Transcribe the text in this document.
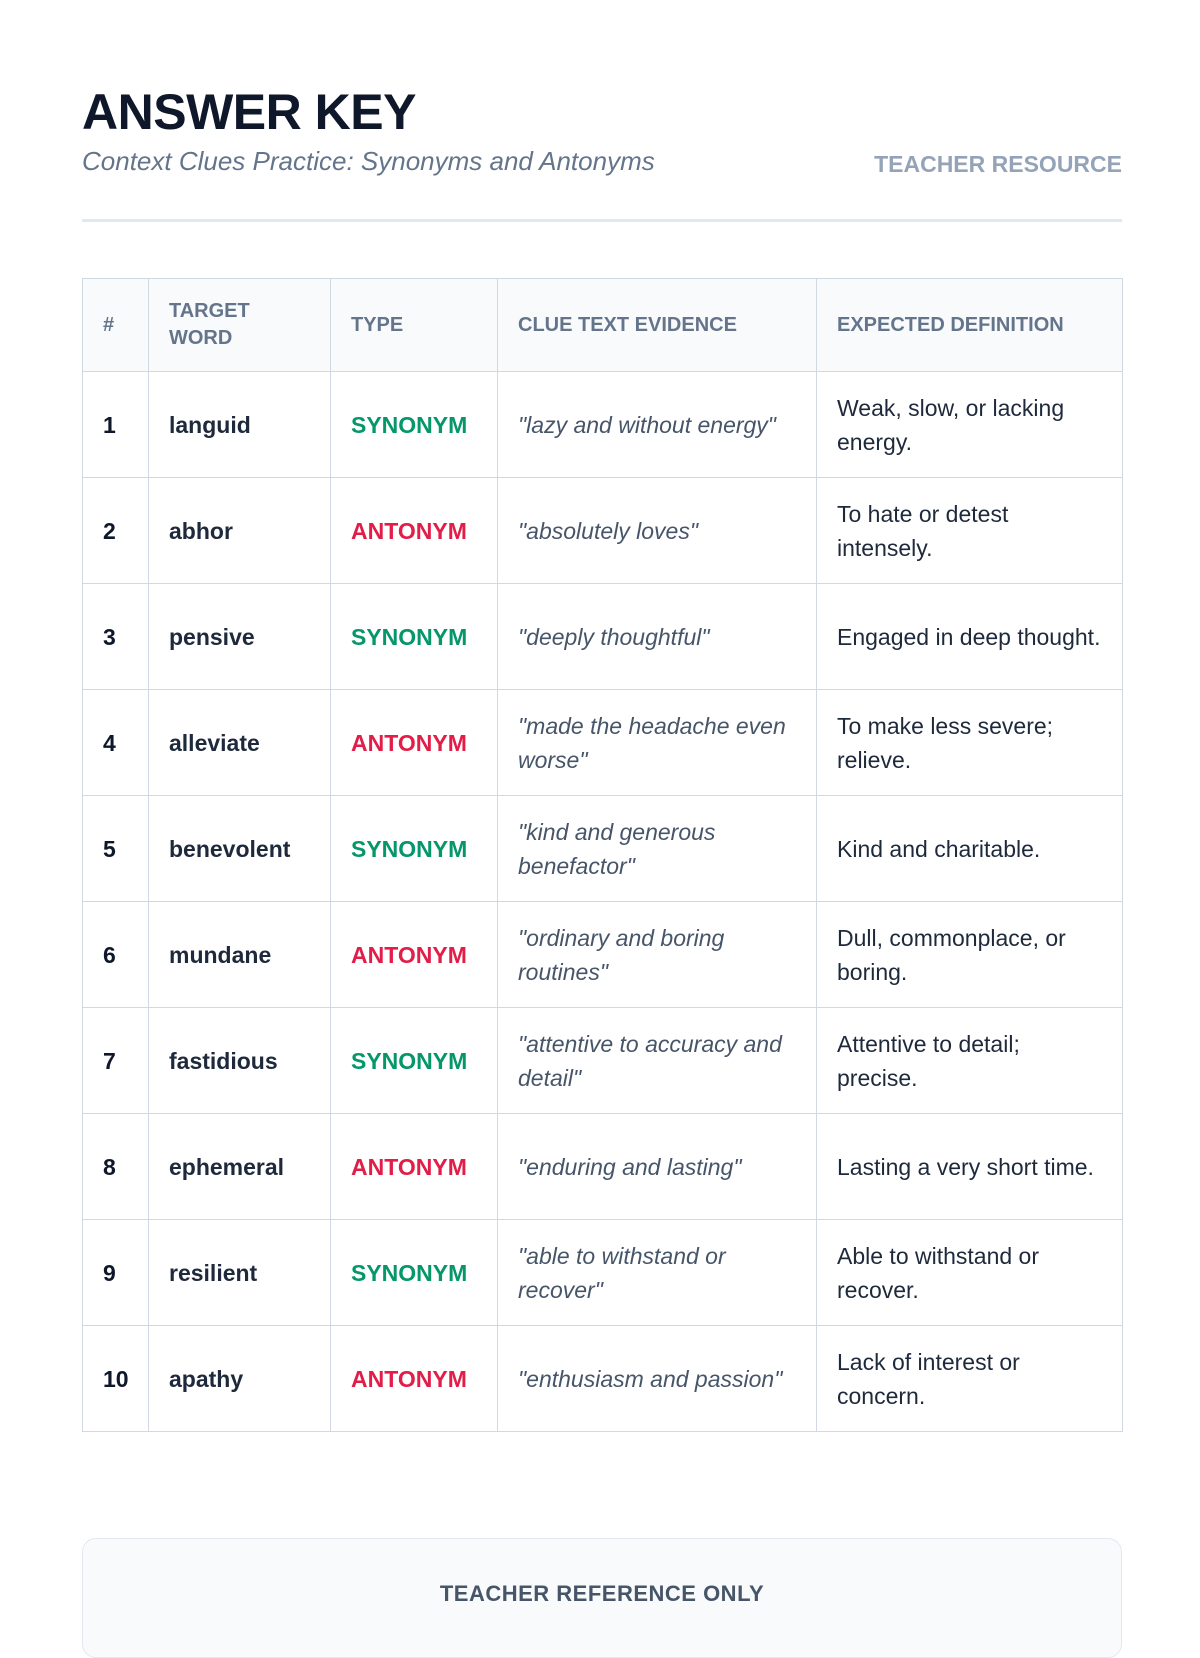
ANSWER KEY
Context Clues Practice: Synonyms and Antonyms	TEACHER RESOURCE
#	TARGET WORD	TYPE	CLUE TEXT EVIDENCE	EXPECTED DEFINITION
1	languid	SYNONYM	"lazy and without energy"	Weak, slow, or lacking energy.
2	abhor	ANTONYM	"absolutely loves"	To hate or detest intensely.
3	pensive	SYNONYM	"deeply thoughtful"	Engaged in deep thought.
4	alleviate	ANTONYM	"made the headache even worse"	To make less severe; relieve.
5	benevolent	SYNONYM	"kind and generous benefactor"	Kind and charitable.
6	mundane	ANTONYM	"ordinary and boring routines"	Dull, commonplace, or boring.
7	fastidious	SYNONYM	"attentive to accuracy and detail"	Attentive to detail; precise.
8	ephemeral	ANTONYM	"enduring and lasting"	Lasting a very short time.
9	resilient	SYNONYM	"able to withstand or recover"	Able to withstand or recover.
10	apathy	ANTONYM	"enthusiasm and passion"	Lack of interest or concern.
TEACHER REFERENCE ONLY
